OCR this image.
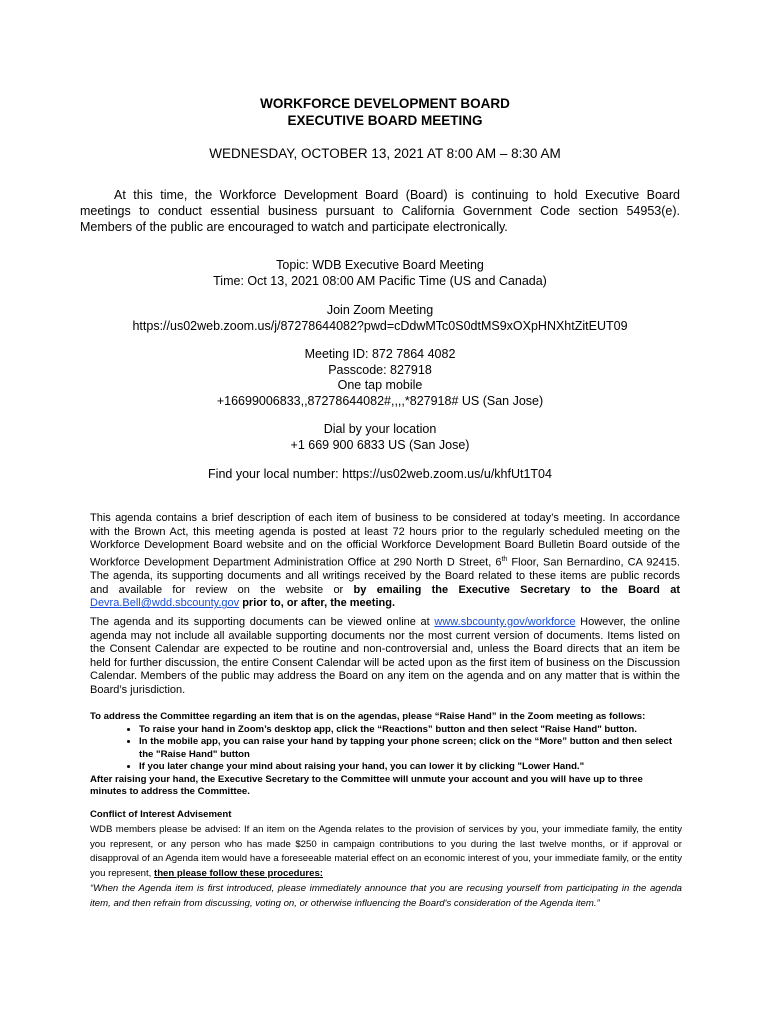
WORKFORCE DEVELOPMENT BOARD
EXECUTIVE BOARD MEETING
WEDNESDAY, OCTOBER 13, 2021 AT 8:00 AM – 8:30 AM
At this time, the Workforce Development Board (Board) is continuing to hold Executive Board meetings to conduct essential business pursuant to California Government Code section 54953(e). Members of the public are encouraged to watch and participate electronically.
Topic: WDB Executive Board Meeting
Time: Oct 13, 2021 08:00 AM Pacific Time (US and Canada)
Join Zoom Meeting
https://us02web.zoom.us/j/87278644082?pwd=cDdwMTc0S0dtMS9xOXpHNXhtZitEUT09
Meeting ID: 872 7864 4082
Passcode: 827918
One tap mobile
+16699006833,,87278644082#,,,,*827918# US (San Jose)
Dial by your location
+1 669 900 6833 US (San Jose)
Find your local number: https://us02web.zoom.us/u/khfUt1T04
This agenda contains a brief description of each item of business to be considered at today’s meeting. In accordance with the Brown Act, this meeting agenda is posted at least 72 hours prior to the regularly scheduled meeting on the Workforce Development Board website and on the official Workforce Development Board Bulletin Board outside of the Workforce Development Department Administration Office at 290 North D Street, 6th Floor, San Bernardino, CA 92415. The agenda, its supporting documents and all writings received by the Board related to these items are public records and available for review on the website or by emailing the Executive Secretary to the Board at Devra.Bell@wdd.sbcounty.gov prior to, or after, the meeting.
The agenda and its supporting documents can be viewed online at www.sbcounty.gov/workforce However, the online agenda may not include all available supporting documents nor the most current version of documents. Items listed on the Consent Calendar are expected to be routine and non-controversial and, unless the Board directs that an item be held for further discussion, the entire Consent Calendar will be acted upon as the first item of business on the Discussion Calendar. Members of the public may address the Board on any item on the agenda and on any matter that is within the Board’s jurisdiction.
To address the Committee regarding an item that is on the agendas, please “Raise Hand” in the Zoom meeting as follows:
• To raise your hand in Zoom’s desktop app, click the “Reactions” button and then select "Raise Hand" button.
• In the mobile app, you can raise your hand by tapping your phone screen; click on the “More” button and then select the "Raise Hand" button
• If you later change your mind about raising your hand, you can lower it by clicking "Lower Hand."
After raising your hand, the Executive Secretary to the Committee will unmute your account and you will have up to three minutes to address the Committee.
Conflict of Interest Advisement
WDB members please be advised: If an item on the Agenda relates to the provision of services by you, your immediate family, the entity you represent, or any person who has made $250 in campaign contributions to you during the last twelve months, or if approval or disapproval of an Agenda item would have a foreseeable material effect on an economic interest of you, your immediate family, or the entity you represent, then please follow these procedures:
“When the Agenda item is first introduced, please immediately announce that you are recusing yourself from participating in the agenda item, and then refrain from discussing, voting on, or otherwise influencing the Board's consideration of the Agenda item.”
